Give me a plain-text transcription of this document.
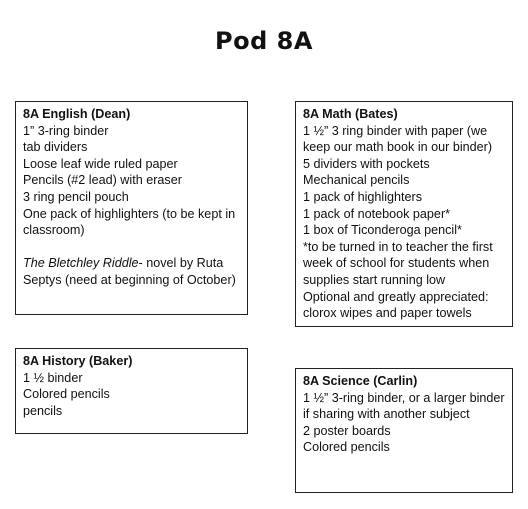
Pod 8A
8A English (Dean)
1” 3-ring binder
tab dividers
Loose leaf wide ruled paper
Pencils (#2 lead) with eraser
3 ring pencil pouch
One pack of highlighters (to be kept in classroom)
The Bletchley Riddle- novel by Ruta Septys (need at beginning of October)
8A Math (Bates)
1 ½” 3 ring binder with paper (we keep our math book in our binder)
5 dividers with pockets
Mechanical pencils
1 pack of highlighters
1 pack of notebook paper*
1 box of Ticonderoga pencil*
*to be turned in to teacher the first week of school for students when supplies start running low
Optional and greatly appreciated: clorox wipes and paper towels
8A History (Baker)
1 ½ binder
Colored pencils
pencils
8A Science (Carlin)
1 ½” 3-ring binder, or a larger binder if sharing with another subject
2 poster boards
Colored pencils
